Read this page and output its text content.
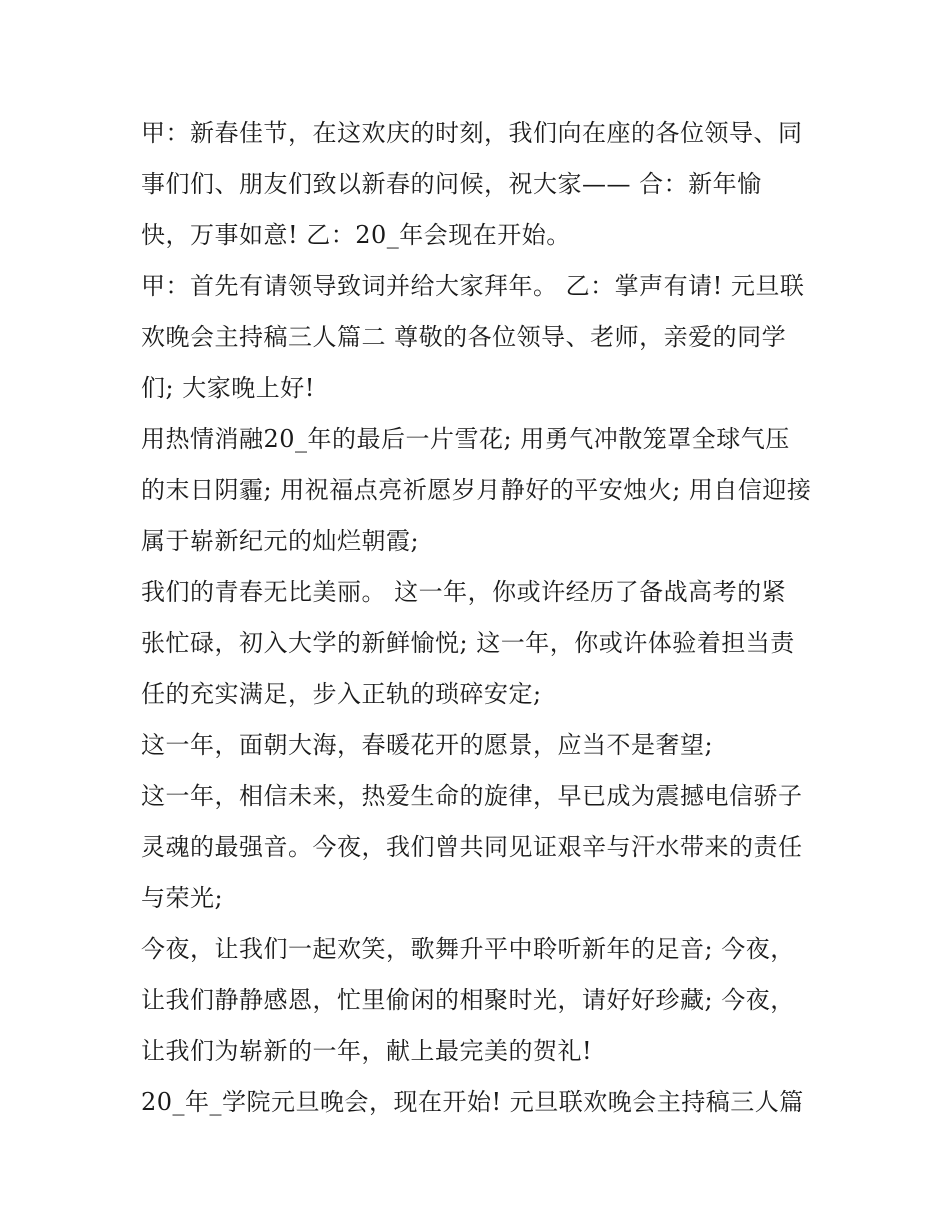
甲：新春佳节，在这欢庆的时刻，我们向在座的各位领导、同
事们们、朋友们致以新春的问候，祝大家—— 合：新年愉
快，万事如意! 乙：20_年会现在开始。
甲：首先有请领导致词并给大家拜年。 乙：掌声有请! 元旦联
欢晚会主持稿三人篇二 尊敬的各位领导、老师，亲爱的同学
们; 大家晚上好!
用热情消融20_年的最后一片雪花; 用勇气冲散笼罩全球气压
的末日阴霾; 用祝福点亮祈愿岁月静好的平安烛火; 用自信迎接
属于崭新纪元的灿烂朝霞;
我们的青春无比美丽。 这一年，你或许经历了备战高考的紧
张忙碌，初入大学的新鲜愉悦; 这一年，你或许体验着担当责
任的充实满足，步入正轨的琐碎安定;
这一年，面朝大海，春暖花开的愿景，应当不是奢望;
这一年，相信未来，热爱生命的旋律，早已成为震撼电信骄子
灵魂的最强音。今夜，我们曾共同见证艰辛与汗水带来的责任
与荣光;
今夜，让我们一起欢笑，歌舞升平中聆听新年的足音; 今夜，
让我们静静感恩，忙里偷闲的相聚时光，请好好珍藏; 今夜，
让我们为崭新的一年，献上最完美的贺礼!
20_年_学院元旦晚会，现在开始! 元旦联欢晚会主持稿三人篇
